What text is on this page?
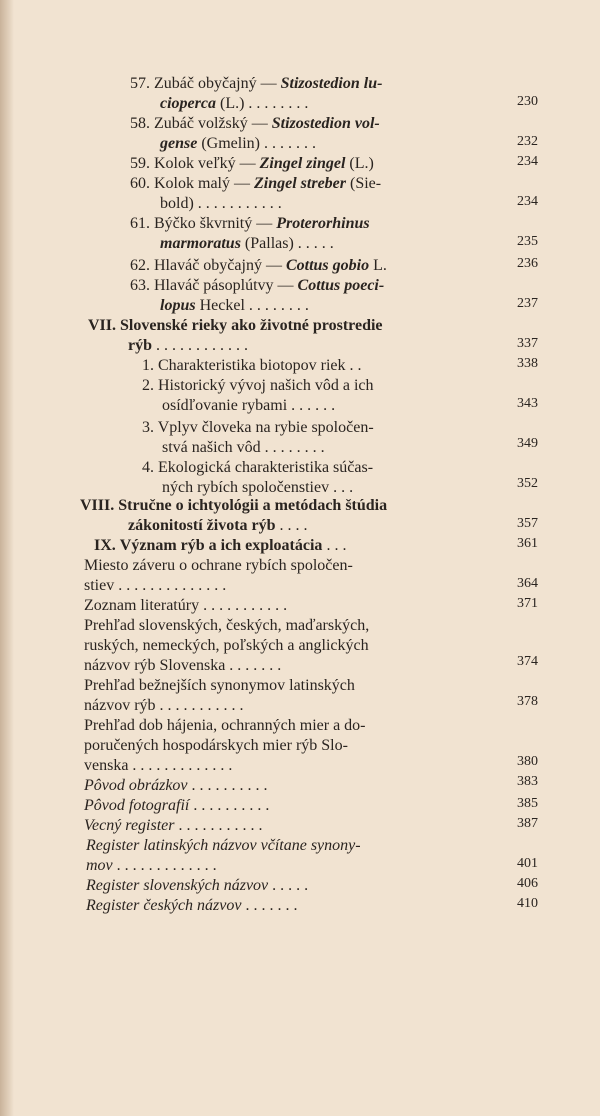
57. Zubáč obyčajný — Stizostedion lu-
cioperca (L.) . . . . . . . .	230
58. Zubáč volžský — Stizostedion vol-
gense (Gmelin) . . . . . . .	232
59. Kolok veľký — Zingel zingel (L.)	234
60. Kolok malý — Zingel streber (Sie-
bold) . . . . . . . . . . .	234
61. Býčko škvrnitý — Proterorhinus
marmoratus (Pallas) . . . . .	235
62. Hlaváč obyčajný — Cottus gobio L.	236
63. Hlaváč pásoplútvy — Cottus poeci-
lopus Heckel . . . . . . . .	237
VII. Slovenské rieky ako životné prostredie
rýb . . . . . . . . . . . .	337
1. Charakteristika biotopov riek . .	338
2. Historický vývoj našich vôd a ich
osídľovanie rybami . . . . . .	343
3. Vplyv človeka na rybie spoločen-
stvá našich vôd . . . . . . . .	349
4. Ekologická charakteristika súčas-
ných rybích spoločenstiev . . .	352
VIII. Stručne o ichtyológii a metódach štúdia
zákonitostí života rýb . . . .	357
IX. Význam rýb a ich exploatácia . . .	361
Miesto záveru o ochrane rybích spoločen-
stiev . . . . . . . . . . . . . .	364
Zoznam literatúry . . . . . . . . . . .	371
Prehľad slovenských, českých, maďarských,
ruských, nemeckých, poľských a anglických
názvov rýb Slovenska . . . . . . .	374
Prehľad bežnejších synonymov latinských
názvov rýb . . . . . . . . . . .	378
Prehľad dob hájenia, ochranných mier a do-
poručených hospodárskych mier rýb Slo-
venska . . . . . . . . . . . . .	380
Pôvod obrázkov . . . . . . . . . .	383
Pôvod fotografií . . . . . . . . . .	385
Vecný register . . . . . . . . . . .	387
Register latinských názvov včítane synony-
mov . . . . . . . . . . . . .	401
Register slovenských názvov . . . . .	406
Register českých názvov . . . . . . .	410
